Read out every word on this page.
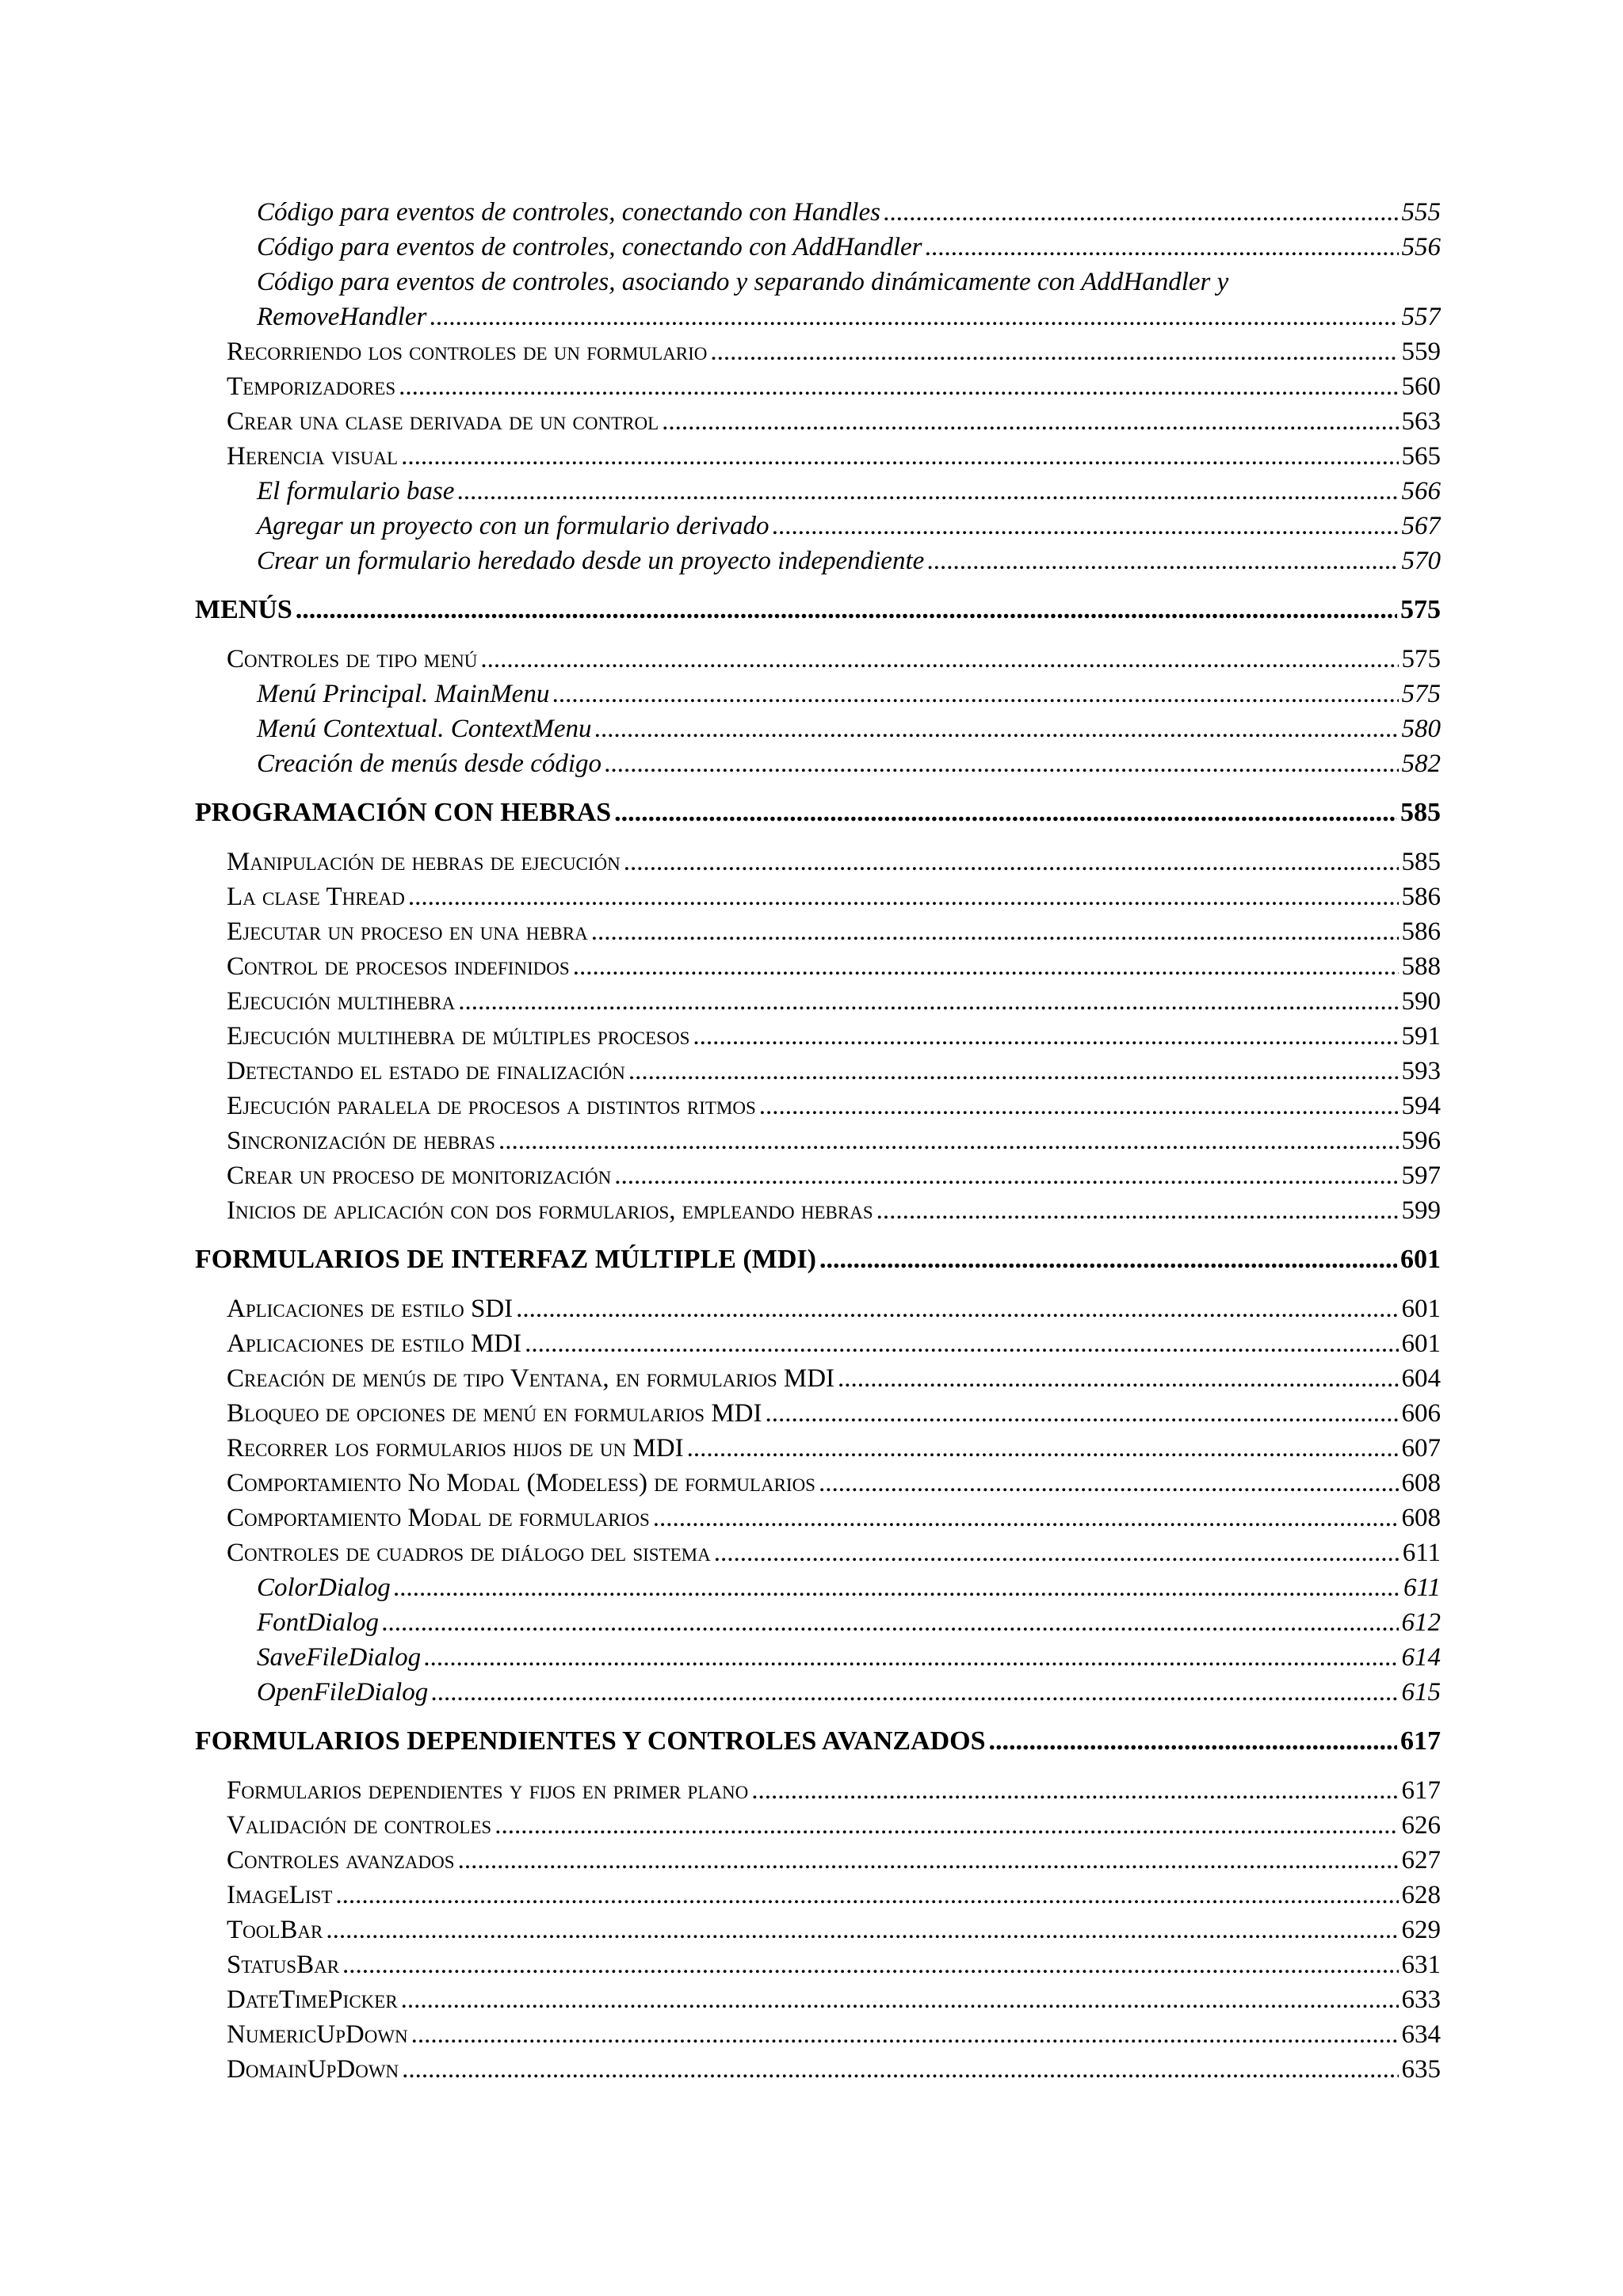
Código para eventos de controles, conectando con Handles .....	555
Código para eventos de controles, conectando con AddHandler .....	556
Código para eventos de controles, asociando y separando dinámicamente con AddHandler y
RemoveHandler .....	557
Recorriendo los controles de un formulario .....	559
Temporizadores .....	560
Crear una clase derivada de un control .....	563
Herencia visual .....	565
El formulario base .....	566
Agregar un proyecto con un formulario derivado .....	567
Crear un formulario heredado desde un proyecto independiente .....	570
MENÚS .....	575
Controles de tipo menú .....	575
Menú Principal. MainMenu .....	575
Menú Contextual. ContextMenu .....	580
Creación de menús desde código .....	582
PROGRAMACIÓN CON HEBRAS .....	585
Manipulación de hebras de ejecución .....	585
La clase Thread .....	586
Ejecutar un proceso en una hebra .....	586
Control de procesos indefinidos .....	588
Ejecución multihebra .....	590
Ejecución multihebra de múltiples procesos .....	591
Detectando el estado de finalización .....	593
Ejecución paralela de procesos a distintos ritmos .....	594
Sincronización de hebras .....	596
Crear un proceso de monitorización .....	597
Inicios de aplicación con dos formularios, empleando hebras .....	599
FORMULARIOS DE INTERFAZ MÚLTIPLE (MDI) .....	601
Aplicaciones de estilo SDI .....	601
Aplicaciones de estilo MDI .....	601
Creación de menús de tipo Ventana, en formularios MDI .....	604
Bloqueo de opciones de menú en formularios MDI .....	606
Recorrer los formularios hijos de un MDI .....	607
Comportamiento No Modal (Modeless) de formularios .....	608
Comportamiento Modal de formularios .....	608
Controles de cuadros de diálogo del sistema .....	611
ColorDialog .....	611
FontDialog .....	612
SaveFileDialog .....	614
OpenFileDialog .....	615
FORMULARIOS DEPENDIENTES Y CONTROLES AVANZADOS .....	617
Formularios dependientes y fijos en primer plano .....	617
Validación de controles .....	626
Controles avanzados .....	627
ImageList .....	628
ToolBar .....	629
StatusBar .....	631
DateTimePicker .....	633
NumericUpDown .....	634
DomainUpDown .....	635
